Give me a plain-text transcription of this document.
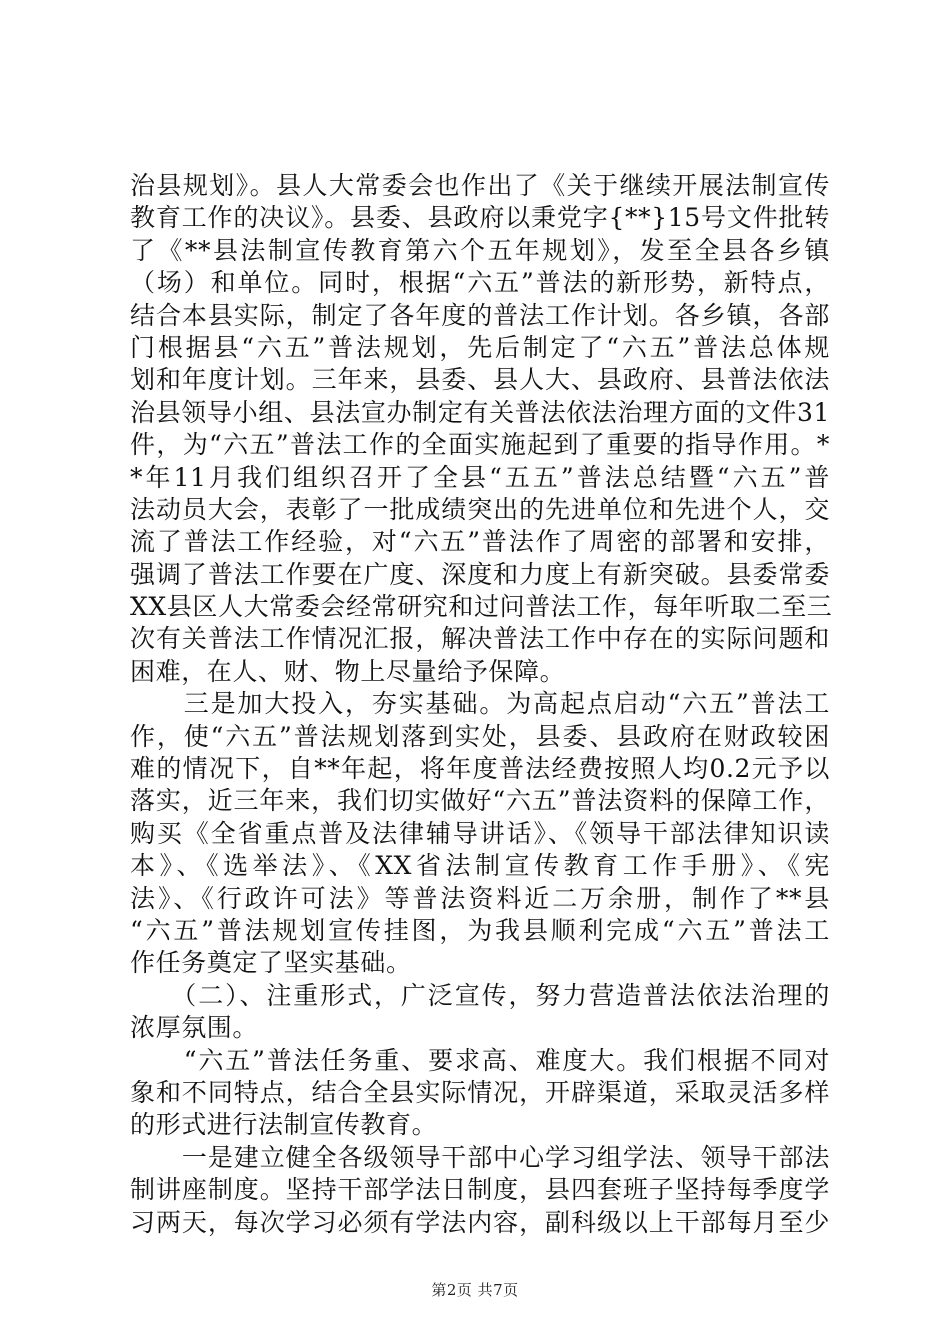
治县规划》。县人大常委会也作出了《关于继续开展法制宣传
教育工作的决议》。县委、县政府以秉党字{**}15号文件批转
了《**县法制宣传教育第六个五年规划》，发至全县各乡镇
（场）和单位。同时，根据“六五”普法的新形势，新特点，
结合本县实际，制定了各年度的普法工作计划。各乡镇，各部
门根据县“六五”普法规划，先后制定了“六五”普法总体规
划和年度计划。三年来，县委、县人大、县政府、县普法依法
治县领导小组、县法宣办制定有关普法依法治理方面的文件31
件，为“六五”普法工作的全面实施起到了重要的指导作用。*
*年11月我们组织召开了全县“五五”普法总结暨“六五”普
法动员大会，表彰了一批成绩突出的先进单位和先进个人，交
流了普法工作经验，对“六五”普法作了周密的部署和安排，
强调了普法工作要在广度、深度和力度上有新突破。县委常委
XX县区人大常委会经常研究和过问普法工作，每年听取二至三
次有关普法工作情况汇报，解决普法工作中存在的实际问题和
困难，在人、财、物上尽量给予保障。
　　三是加大投入，夯实基础。为高起点启动“六五”普法工
作，使“六五”普法规划落到实处，县委、县政府在财政较困
难的情况下，自**年起，将年度普法经费按照人均0.2元予以
落实，近三年来，我们切实做好“六五”普法资料的保障工作，
购买《全省重点普及法律辅导讲话》、《领导干部法律知识读
本》、《选举法》、《XX省法制宣传教育工作手册》、《宪
法》、《行政许可法》等普法资料近二万余册，制作了**县
“六五”普法规划宣传挂图，为我县顺利完成“六五”普法工
作任务奠定了坚实基础。
　　（二）、注重形式，广泛宣传，努力营造普法依法治理的
浓厚氛围。
　　“六五”普法任务重、要求高、难度大。我们根据不同对
象和不同特点，结合全县实际情况，开辟渠道，采取灵活多样
的形式进行法制宣传教育。
　　一是建立健全各级领导干部中心学习组学法、领导干部法
制讲座制度。坚持干部学法日制度，县四套班子坚持每季度学
习两天，每次学习必须有学法内容，副科级以上干部每月至少
第2页 共7页
